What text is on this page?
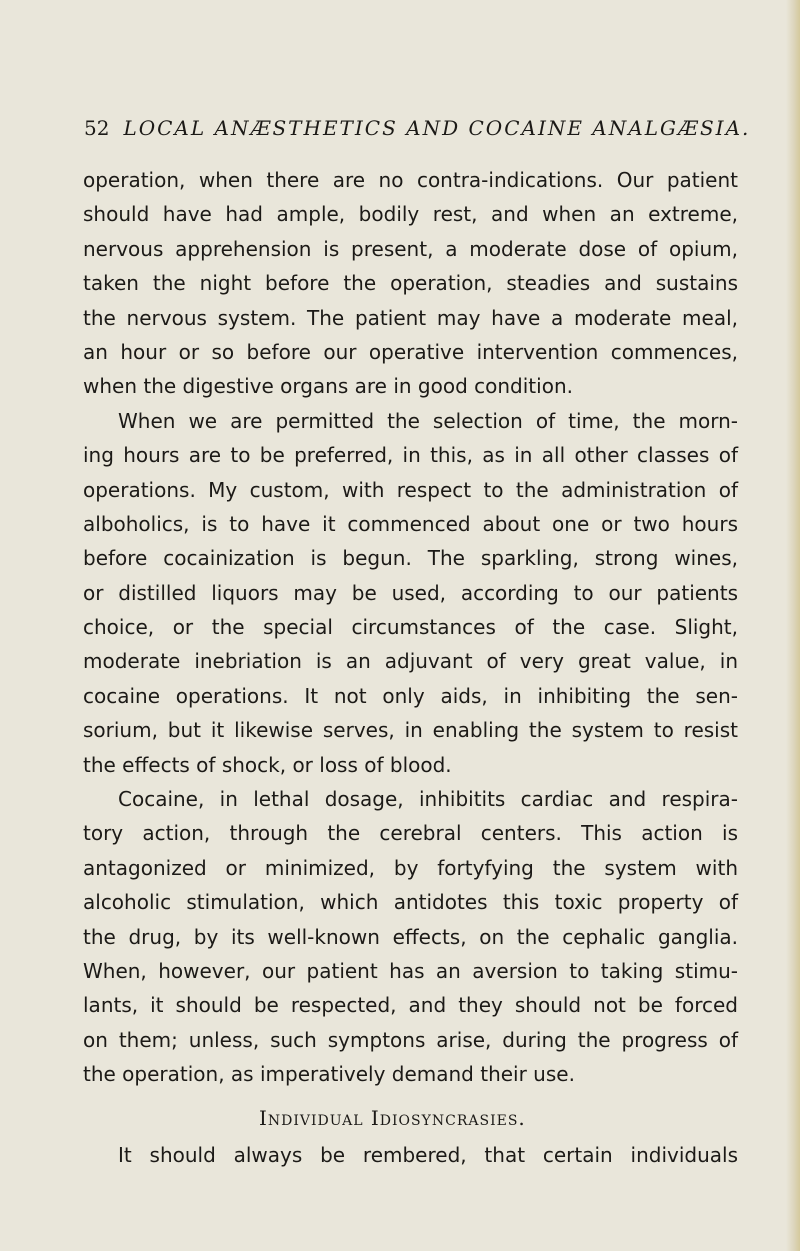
52 LOCAL ANÆSTHETICS AND COCAINE ANALGÆSIA.
operation, when there are no contra-indications. Our patient
should have had ample, bodily rest, and when an extreme,
nervous apprehension is present, a moderate dose of opium,
taken the night before the operation, steadies and sustains
the nervous system. The patient may have a moderate meal,
an hour or so before our operative intervention commences,
when the digestive organs are in good condition.
When we are permitted the selection of time, the morn-
ing hours are to be preferred, in this, as in all other classes of
operations. My custom, with respect to the administration of
alboholics, is to have it commenced about one or two hours
before cocainization is begun. The sparkling, strong wines,
or distilled liquors may be used, according to our patients
choice, or the special circumstances of the case. Slight,
moderate inebriation is an adjuvant of very great value, in
cocaine operations. It not only aids, in inhibiting the sen-
sorium, but it likewise serves, in enabling the system to resist
the effects of shock, or loss of blood.
Cocaine, in lethal dosage, inhibitits cardiac and respira-
tory action, through the cerebral centers. This action is
antagonized or minimized, by fortyfying the system with
alcoholic stimulation, which antidotes this toxic property of
the drug, by its well-known effects, on the cephalic ganglia.
When, however, our patient has an aversion to taking stimu-
lants, it should be respected, and they should not be forced
on them; unless, such symptons arise, during the progress of
the operation, as imperatively demand their use.
Individual Idiosyncrasies.
It should always be rembered, that certain individuals
